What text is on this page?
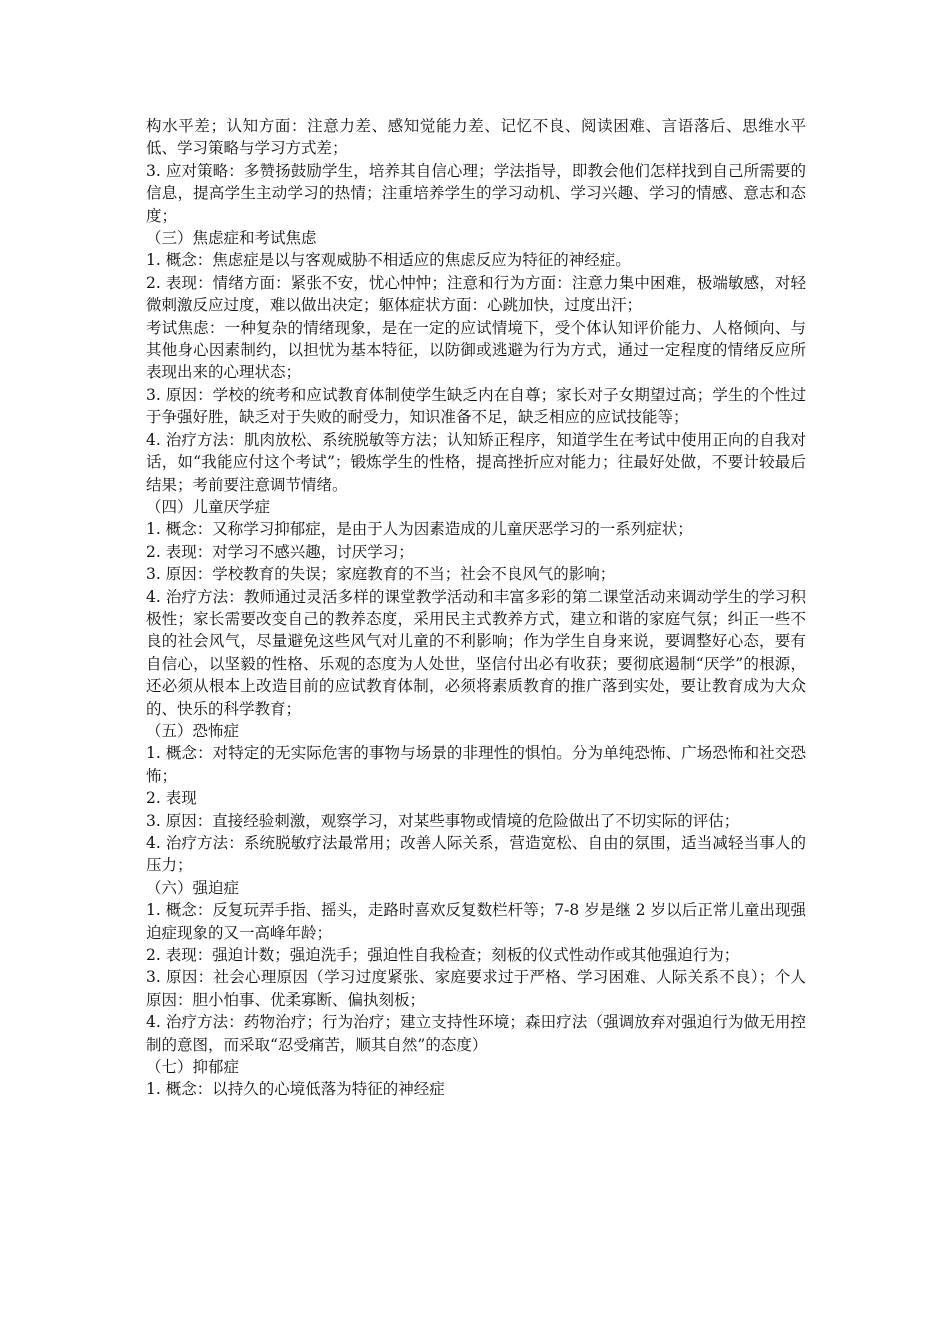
构水平差；认知方面：注意力差、感知觉能力差、记忆不良、阅读困难、言语落后、思维水平低、学习策略与学习方式差；

3. 应对策略：多赞扬鼓励学生，培养其自信心理；学法指导，即教会他们怎样找到自己所需要的信息，提高学生主动学习的热情；注重培养学生的学习动机、学习兴趣、学习的情感、意志和态度；

（三）焦虑症和考试焦虑

1. 概念：焦虑症是以与客观威胁不相适应的焦虑反应为特征的神经症。

2. 表现：情绪方面：紧张不安，忧心忡忡；注意和行为方面：注意力集中困难，极端敏感，对轻微刺激反应过度，难以做出决定；躯体症状方面：心跳加快，过度出汗；

考试焦虑：一种复杂的情绪现象，是在一定的应试情境下，受个体认知评价能力、人格倾向、与其他身心因素制约，以担忧为基本特征，以防御或逃避为行为方式，通过一定程度的情绪反应所表现出来的心理状态；

3. 原因：学校的统考和应试教育体制使学生缺乏内在自尊；家长对子女期望过高；学生的个性过于争强好胜，缺乏对于失败的耐受力，知识准备不足，缺乏相应的应试技能等；

4. 治疗方法：肌肉放松、系统脱敏等方法；认知矫正程序，知道学生在考试中使用正向的自我对话，如“我能应付这个考试”；锻炼学生的性格，提高挫折应对能力；往最好处做，不要计较最后结果；考前要注意调节情绪。

（四）儿童厌学症

1. 概念：又称学习抑郁症，是由于人为因素造成的儿童厌恶学习的一系列症状；

2. 表现：对学习不感兴趣，讨厌学习；

3. 原因：学校教育的失误；家庭教育的不当；社会不良风气的影响；

4. 治疗方法：教师通过灵活多样的课堂教学活动和丰富多彩的第二课堂活动来调动学生的学习积极性；家长需要改变自己的教养态度，采用民主式教养方式，建立和谐的家庭气氛；纠正一些不良的社会风气，尽量避免这些风气对儿童的不利影响；作为学生自身来说，要调整好心态，要有自信心，以坚毅的性格、乐观的态度为人处世，坚信付出必有收获；要彻底遏制“厌学”的根源，还必须从根本上改造目前的应试教育体制，必须将素质教育的推广落到实处，要让教育成为大众的、快乐的科学教育；

（五）恐怖症

1. 概念：对特定的无实际危害的事物与场景的非理性的惧怕。分为单纯恐怖、广场恐怖和社交恐怖；

2. 表现

3. 原因：直接经验刺激，观察学习，对某些事物或情境的危险做出了不切实际的评估；

4. 治疗方法：系统脱敏疗法最常用；改善人际关系，营造宽松、自由的氛围，适当减轻当事人的压力；

（六）强迫症

1. 概念：反复玩弄手指、摇头，走路时喜欢反复数栏杆等；7-8 岁是继 2 岁以后正常儿童出现强迫症现象的又一高峰年龄；

2. 表现：强迫计数；强迫洗手；强迫性自我检查；刻板的仪式性动作或其他强迫行为；

3. 原因：社会心理原因（学习过度紧张、家庭要求过于严格、学习困难、人际关系不良）；个人原因：胆小怕事、优柔寡断、偏执刻板；

4. 治疗方法：药物治疗；行为治疗；建立支持性环境；森田疗法（强调放弃对强迫行为做无用控制的意图，而采取“忍受痛苦，顺其自然”的态度）

（七）抑郁症

1. 概念：以持久的心境低落为特征的神经症
